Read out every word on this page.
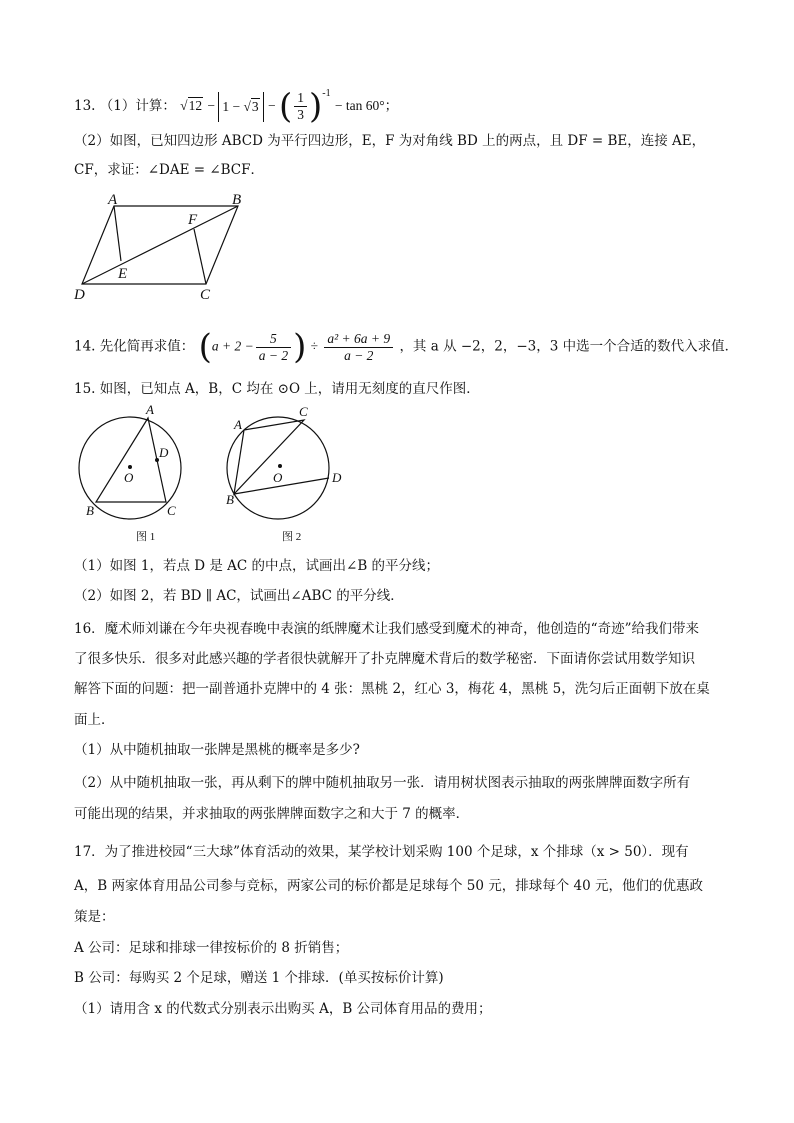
13. （1）计算： √12 − 1 − √3 − ( $\frac{1}{3} )^{-1} - \tan 60^\circ$；
（2）如图，已知四边形 ABCD 为平行四边形，E，F 为对角线 BD 上的两点，且 DF = BE，连接 AE，
CF，求证：∠DAE = ∠BCF．
A	B
C
D
E
F
14. 先化简再求值： ($a + 2 - \frac{5}{a - 2}$ ) ÷ $\frac{\text{a² + 6a + 9}}{a - 2}$ ，其 a 从 −2，2，−3，3 中选一个合适的数代入求值．
15. 如图，已知点 A，B，C 均在 ⊙O 上，请用无刻度的直尺作图．
A
B	C
D
O
图 1
A
B
C
D
O
图 2
（1）如图 1，若点 D 是 AC 的中点，试画出∠B 的平分线；
（2）如图 2，若 BD ∥ AC，试画出∠ABC 的平分线．
16．魔术师刘谦在今年央视春晚中表演的纸牌魔术让我们感受到魔术的神奇，他创造的“奇迹”给我们带来
了很多快乐．很多对此感兴趣的学者很快就解开了扑克牌魔术背后的数学秘密．下面请你尝试用数学知识
解答下面的问题：把一副普通扑克牌中的 4 张：黑桃 2，红心 3，梅花 4，黑桃 5，洗匀后正面朝下放在桌
面上．
（1）从中随机抽取一张牌是黑桃的概率是多少?
（2）从中随机抽取一张，再从剩下的牌中随机抽取另一张．请用树状图表示抽取的两张牌牌面数字所有
可能出现的结果，并求抽取的两张牌牌面数字之和大于 7 的概率．
17．为了推进校园“三大球”体育活动的效果，某学校计划采购 100 个足球，x 个排球（x > 50）．现有
A，B 两家体育用品公司参与竞标，两家公司的标价都是足球每个 50 元，排球每个 40 元，他们的优惠政
策是：
A 公司：足球和排球一律按标价的 8 折销售；
B 公司：每购买 2 个足球，赠送 1 个排球．(单买按标价计算)
（1）请用含 x 的代数式分别表示出购买 A，B 公司体育用品的费用；
